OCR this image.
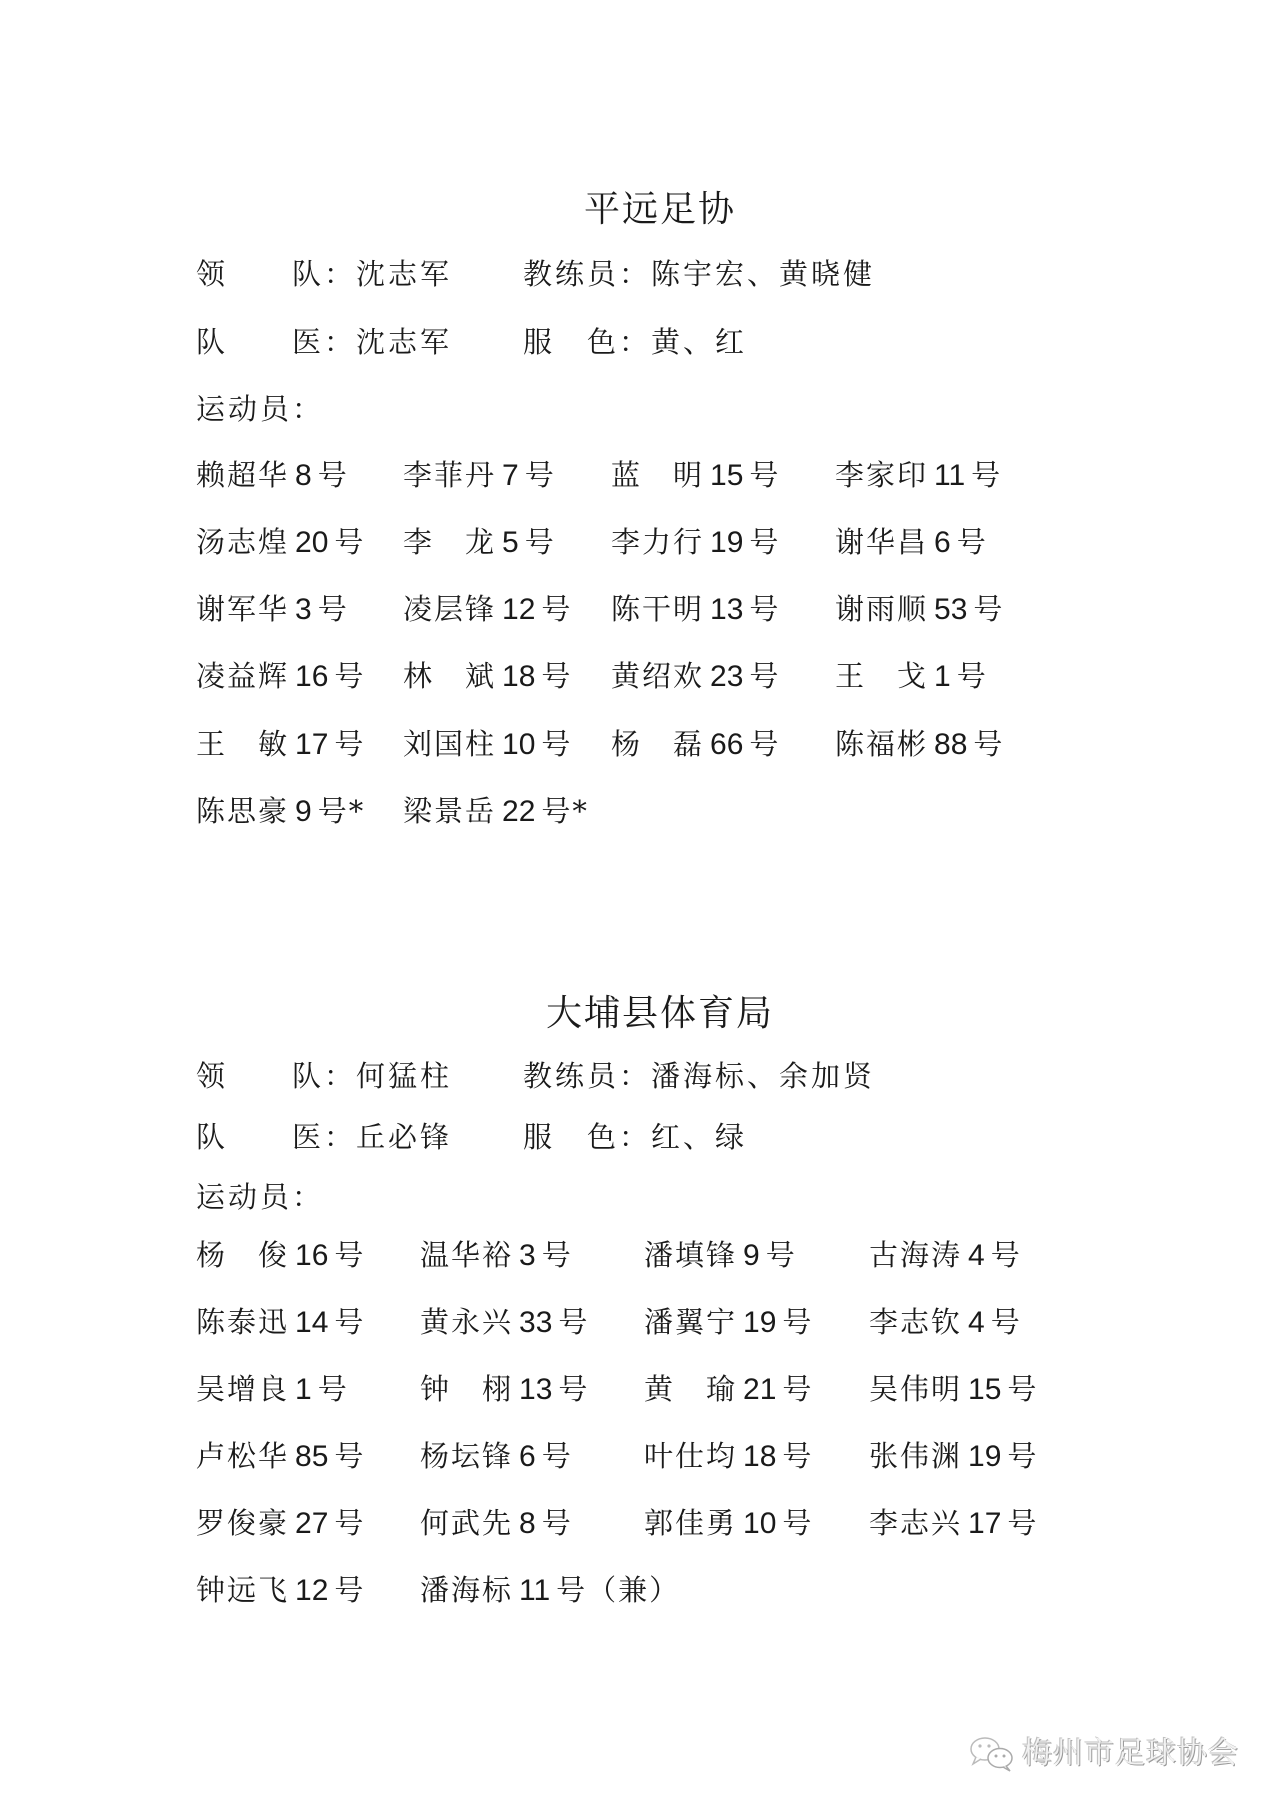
平远足协
领　　队：沈志军 教练员：陈宇宏、黄晓健
队　　医：沈志军 服　色：黄、红
运动员：
赖超华 8 号 李菲丹 7 号 蓝　明 15 号 李家印 11 号
汤志煌 20 号 李　龙 5 号 李力行 19 号 谢华昌 6 号
谢军华 3 号 凌层锋 12 号 陈干明 13 号 谢雨顺 53 号
凌益辉 16 号 林　斌 18 号 黄绍欢 23 号 王　戈 1 号
王　敏 17 号 刘国柱 10 号 杨　磊 66 号 陈福彬 88 号
陈思豪 9 号* 梁景岳 22 号*
大埔县体育局
领　　队：何猛柱 教练员：潘海标、余加贤
队　　医：丘必锋 服　色：红、绿
运动员：
杨　俊 16 号 温华裕 3 号 潘填锋 9 号 古海涛 4 号
陈泰迅 14 号 黄永兴 33 号 潘翼宁 19 号 李志钦 4 号
吴增良 1 号 钟　栩 13 号 黄　瑜 21 号 吴伟明 15 号
卢松华 85 号 杨坛锋 6 号 叶仕均 18 号 张伟渊 19 号
罗俊豪 27 号 何武先 8 号 郭佳勇 10 号 李志兴 17 号
钟远飞 12 号 潘海标 11 号（兼）
梅州市足球协会
